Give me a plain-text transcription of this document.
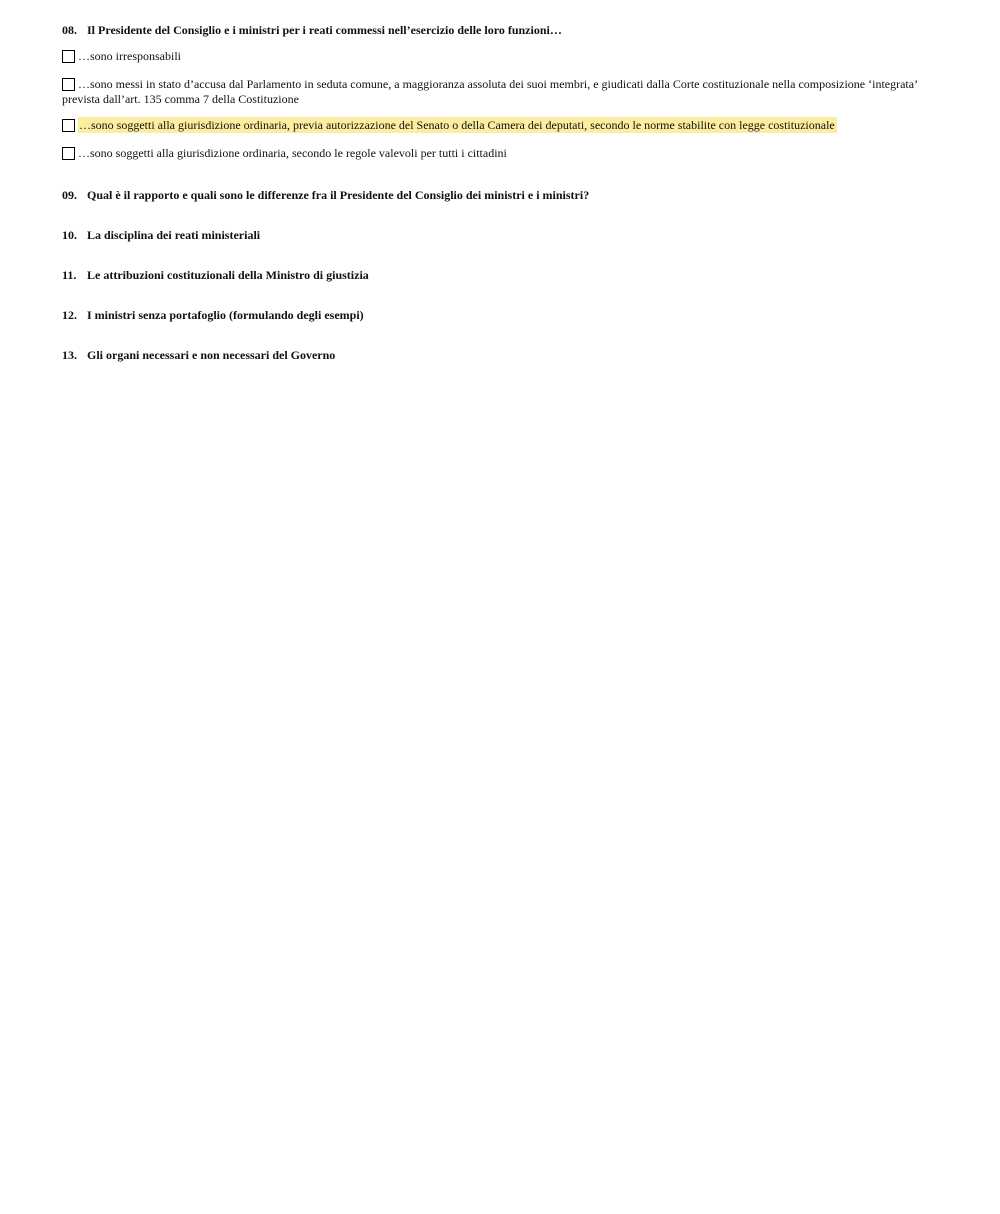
08. Il Presidente del Consiglio e i ministri per i reati commessi nell’esercizio delle loro funzioni…
…sono irresponsabili
…sono messi in stato d’accusa dal Parlamento in seduta comune, a maggioranza assoluta dei suoi membri, e giudicati dalla Corte costituzionale nella composizione ‘integrata’ prevista dall’art. 135 comma 7 della Costituzione
…sono soggetti alla giurisdizione ordinaria, previa autorizzazione del Senato o della Camera dei deputati, secondo le norme stabilite con legge costituzionale
…sono soggetti alla giurisdizione ordinaria, secondo le regole valevoli per tutti i cittadini
09. Qual è il rapporto e quali sono le differenze fra il Presidente del Consiglio dei ministri e i ministri?
10. La disciplina dei reati ministeriali
11. Le attribuzioni costituzionali della Ministro di giustizia
12. I ministri senza portafoglio (formulando degli esempi)
13. Gli organi necessari e non necessari del Governo
